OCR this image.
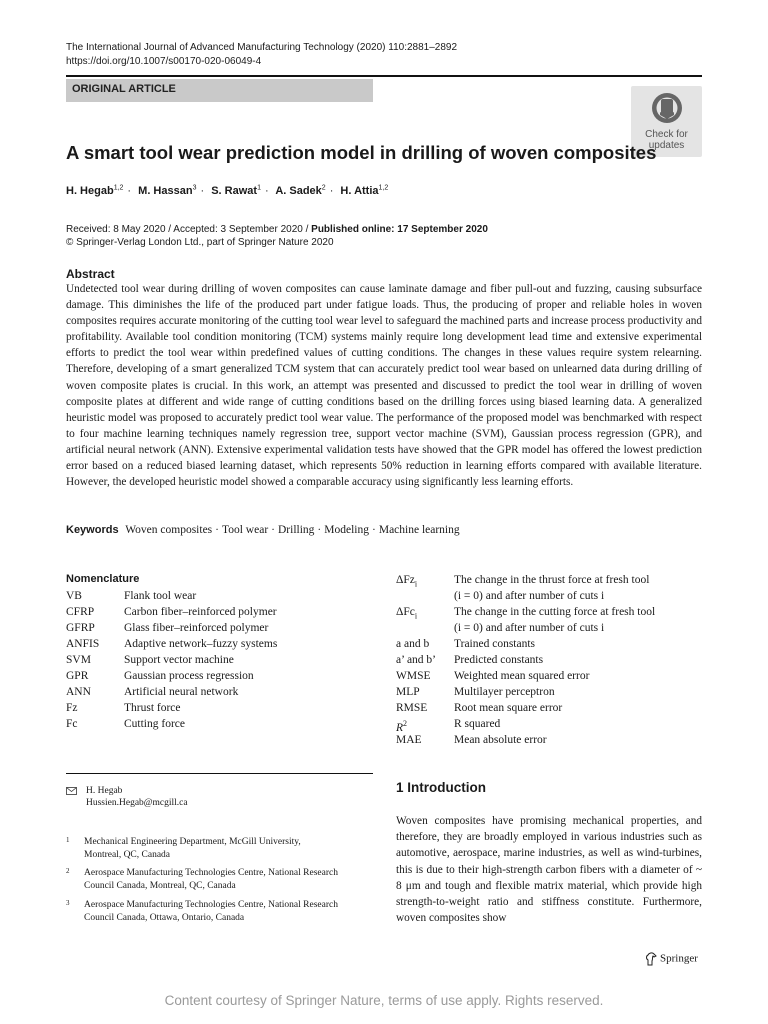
The International Journal of Advanced Manufacturing Technology (2020) 110:2881–2892
https://doi.org/10.1007/s00170-020-06049-4
ORIGINAL ARTICLE
Check for
updates
A smart tool wear prediction model in drilling of woven composites
H. Hegab$^{1,2}$ · M. Hassan$^3$ · S. Rawat$^1$ · A. Sadek$^2$ · H. Attia$^{1,2}$
Received: 8 May 2020 / Accepted: 3 September 2020 / Published online: 17 September 2020
© Springer-Verlag London Ltd., part of Springer Nature 2020
Abstract
Undetected tool wear during drilling of woven composites can cause laminate damage and fiber pull-out and fuzzing, causing subsurface damage. This diminishes the life of the produced part under fatigue loads. Thus, the producing of proper and reliable holes in woven composites requires accurate monitoring of the cutting tool wear level to safeguard the machined parts and increase process productivity and profitability. Available tool condition monitoring (TCM) systems mainly require long development lead time and extensive experimental efforts to predict the tool wear within predefined values of cutting conditions. The changes in these values require system relearning. Therefore, developing of a smart generalized TCM system that can accurately predict tool wear based on unlearned data during drilling of woven composite plates is crucial. In this work, an attempt was presented and discussed to predict the tool wear in drilling of woven composite plates at different and wide range of cutting conditions based on the drilling forces using biased learning data. A generalized heuristic model was proposed to accurately predict tool wear value. The performance of the proposed model was benchmarked with respect to four machine learning techniques namely regression tree, support vector machine (SVM), Gaussian process regression (GPR), and artificial neural network (ANN). Extensive experimental validation tests have showed that the GPR model has offered the lowest prediction error based on a reduced biased learning dataset, which represents 50% reduction in learning efforts compared with available literature. However, the developed heuristic model showed a comparable accuracy using significantly less learning efforts.
Keywords Woven composites · Tool wear · Drilling · Modeling · Machine learning
Nomenclature
VB	Flank tool wear
CFRP	Carbon fiber–reinforced polymer
GFRP	Glass fiber–reinforced polymer
ANFIS Adaptive network–fuzzy systems
SVM	Support vector machine
GPR	Gaussian process regression
ANN	Artificial neural network
Fz	Thrust force
Fc	Cutting force
ΔFz$_i$	The change in the thrust force at fresh tool
(i = 0) and after number of cuts i
ΔFc$_i$	The change in the cutting force at fresh tool
(i = 0) and after number of cuts i
a and b Trained constants
a’ and b’ Predicted constants
WMSE Weighted mean squared error
MLP	Multilayer perceptron
RMSE Root mean square error
$R^2$	R squared
MAE	Mean absolute error
H. Hegab
Hussien.Hegab@mcgill.ca
1 Mechanical Engineering Department, McGill University,
Montreal, QC, Canada
2 Aerospace Manufacturing Technologies Centre, National Research
Council Canada, Montreal, QC, Canada
3 Aerospace Manufacturing Technologies Centre, National Research
Council Canada, Ottawa, Ontario, Canada
1 Introduction
Woven composites have promising mechanical properties, and therefore, they are broadly employed in various industries such as automotive, aerospace, marine industries, as well as wind-turbines, this is due to their high-strength carbon fibers with a diameter of ~ 8 μm and tough and flexible matrix material, which provide high strength-to-weight ratio and stiffness constitute. Furthermore, woven composites show
Springer
Content courtesy of Springer Nature, terms of use apply. Rights reserved.
